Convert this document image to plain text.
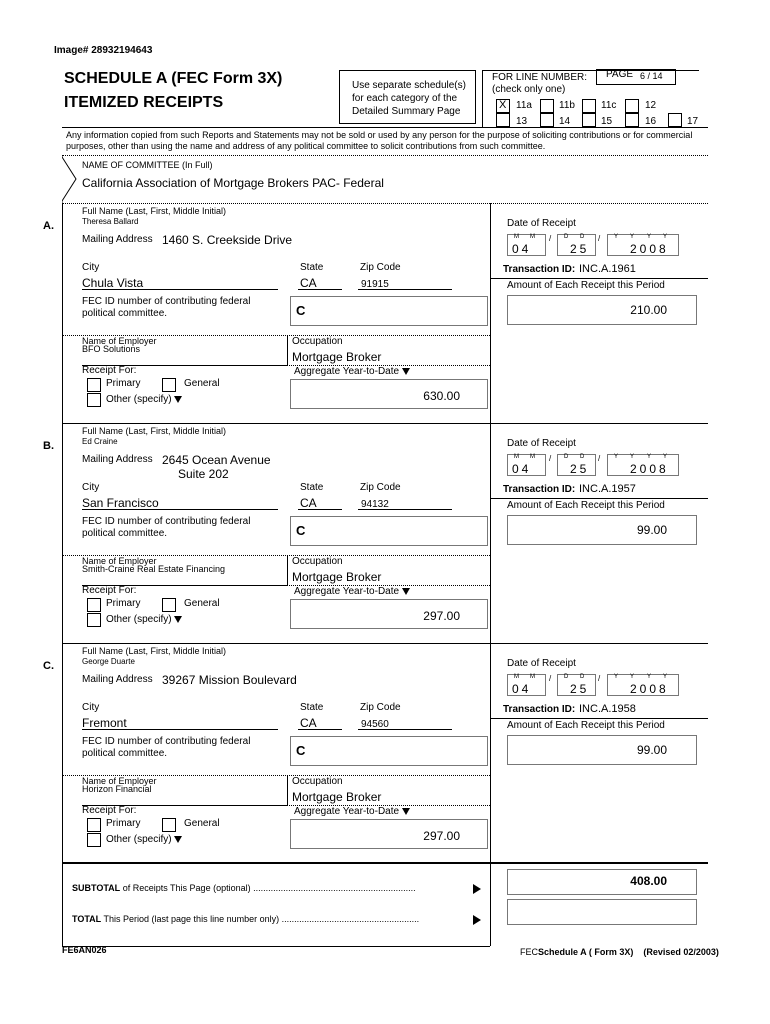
Image# 28932194643
SCHEDULE A (FEC Form 3X)
ITEMIZED RECEIPTS
Use separate schedule(s) for each category of the Detailed Summary Page
FOR LINE NUMBER:
(check only one)
PAGE 6 / 14
X 11a	11b	11c	12
13	14	15	16	17
Any information copied from such Reports and Statements may not be sold or used by any person for the purpose of soliciting contributions or for commercial purposes, other than using the name and address of any political committee to solicit contributions from such committee.
NAME OF COMMITTEE (In Full)
California Association of Mortgage Brokers PAC- Federal
A.
Full Name (Last, First, Middle Initial)
Theresa Ballard
Mailing Address 1460 S. Creekside Drive
City	State	Zip Code
Chula Vista	CA	91915
FEC ID number of contributing federal political committee.	C
Name of Employer
BFO Solutions
Occupation
Mortgage Broker
Receipt For:
Primary	General
Other (specify)
Aggregate Year-to-Date
630.00
Date of Receipt
M M
04
/ D D
25
/ Y Y Y Y
2008
Transaction ID: INC.A.1961
Amount of Each Receipt this Period
210.00
B.
Full Name (Last, First, Middle Initial)
Ed Craine
Mailing Address 2645 Ocean Avenue
Suite 202
City	State	Zip Code
San Francisco	CA	94132
FEC ID number of contributing federal political committee.	C
Name of Employer
Smith-Craine Real Estate Financing
Occupation
Mortgage Broker
Receipt For:
Primary	General
Other (specify)
Aggregate Year-to-Date
297.00
Date of Receipt
M M
04
/ D D
25
/ Y Y Y Y
2008
Transaction ID: INC.A.1957
Amount of Each Receipt this Period
99.00
C.
Full Name (Last, First, Middle Initial)
George Duarte
Mailing Address 39267 Mission Boulevard
City	State	Zip Code
Fremont	CA	94560
FEC ID number of contributing federal political committee.	C
Name of Employer
Horizon Financial
Occupation
Mortgage Broker
Receipt For:
Primary	General
Other (specify)
Aggregate Year-to-Date
297.00
Date of Receipt
M M
04
/ D D
25
/ Y Y Y Y
2008
Transaction ID: INC.A.1958
Amount of Each Receipt this Period
99.00
SUBTOTAL of Receipts This Page (optional) .................................................................	408.00
TOTAL This Period (last page this line number only) .......................................................
FE6AN026	FECSchedule A ( Form 3X) (Revised 02/2003)
